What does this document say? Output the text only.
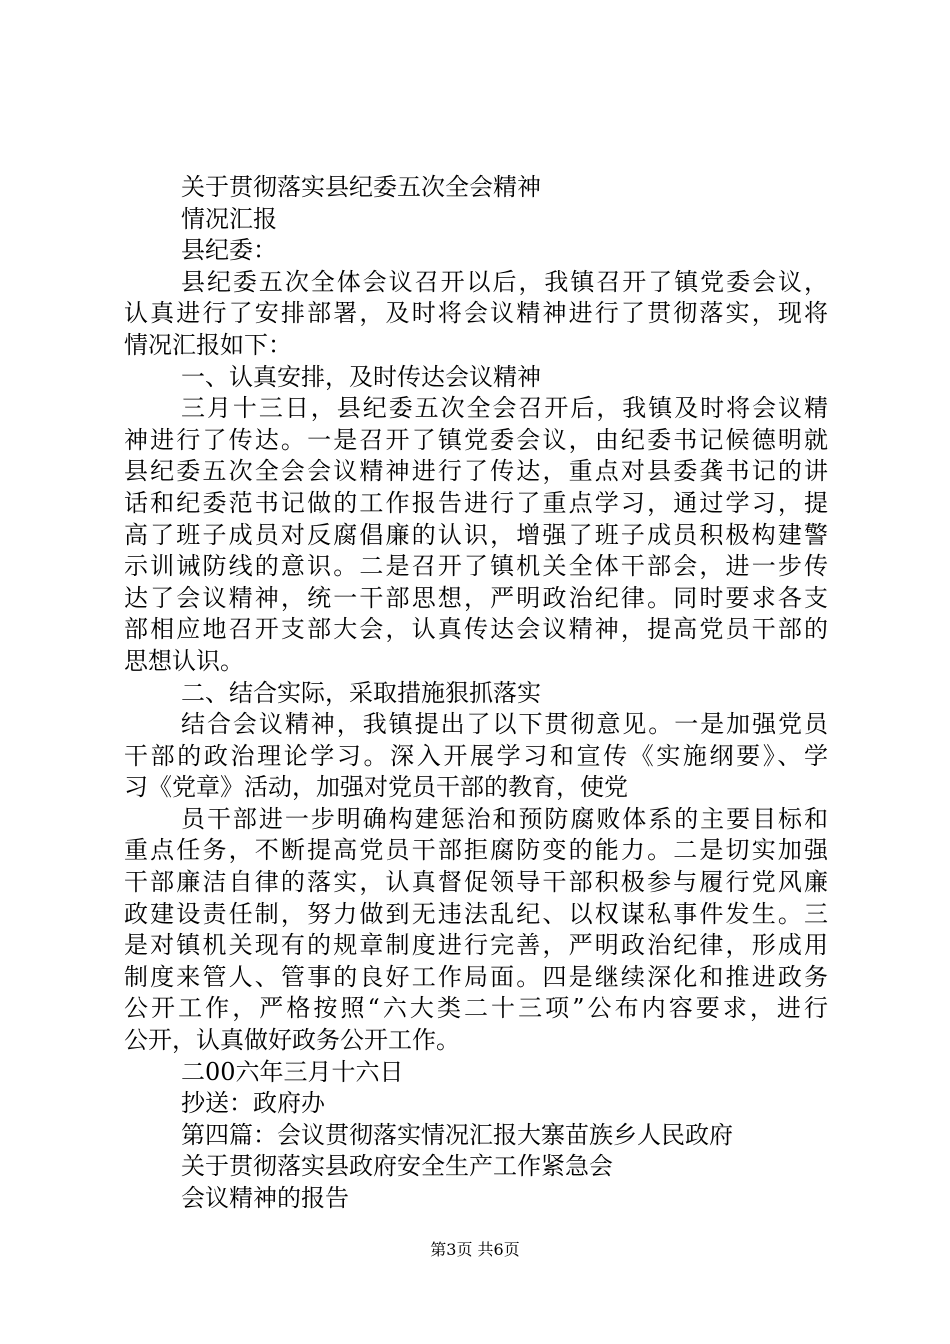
关于贯彻落实县纪委五次全会精神
情况汇报
县纪委：
县纪委五次全体会议召开以后，我镇召开了镇党委会议，
认真进行了安排部署，及时将会议精神进行了贯彻落实，现将
情况汇报如下：
一、认真安排，及时传达会议精神
三月十三日，县纪委五次全会召开后，我镇及时将会议精
神进行了传达。一是召开了镇党委会议，由纪委书记候德明就
县纪委五次全会会议精神进行了传达，重点对县委龚书记的讲
话和纪委范书记做的工作报告进行了重点学习，通过学习，提
高了班子成员对反腐倡廉的认识，增强了班子成员积极构建警
示训诫防线的意识。二是召开了镇机关全体干部会，进一步传
达了会议精神，统一干部思想，严明政治纪律。同时要求各支
部相应地召开支部大会，认真传达会议精神，提高党员干部的
思想认识。
二、结合实际，采取措施狠抓落实
结合会议精神，我镇提出了以下贯彻意见。一是加强党员
干部的政治理论学习。深入开展学习和宣传《实施纲要》、学
习《党章》活动，加强对党员干部的教育，使党
员干部进一步明确构建惩治和预防腐败体系的主要目标和
重点任务，不断提高党员干部拒腐防变的能力。二是切实加强
干部廉洁自律的落实，认真督促领导干部积极参与履行党风廉
政建设责任制，努力做到无违法乱纪、以权谋私事件发生。三
是对镇机关现有的规章制度进行完善，严明政治纪律，形成用
制度来管人、管事的良好工作局面。四是继续深化和推进政务
公开工作，严格按照“六大类二十三项”公布内容要求，进行
公开，认真做好政务公开工作。
二00六年三月十六日
抄送：政府办
第四篇：会议贯彻落实情况汇报大寨苗族乡人民政府
关于贯彻落实县政府安全生产工作紧急会
会议精神的报告
第3页 共6页
